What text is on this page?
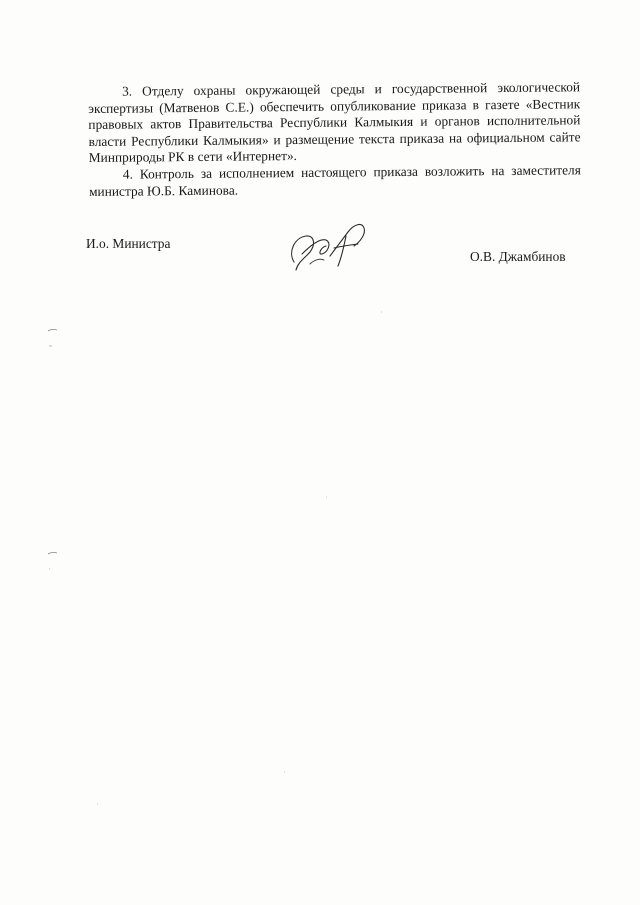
3. Отделу охраны окружающей среды и государственной экологической экспертизы (Матвенов С.Е.) обеспечить опубликование приказа в газете «Вестник правовых актов Правительства Республики Калмыкия и органов исполнительной власти Республики Калмыкия» и размещение текста приказа на официальном сайте Минприроды РК в сети «Интернет».

4. Контроль за исполнением настоящего приказа возложить на заместителя министра Ю.Б. Каминова.

И.о. Министра
О.В. Джамбинов
